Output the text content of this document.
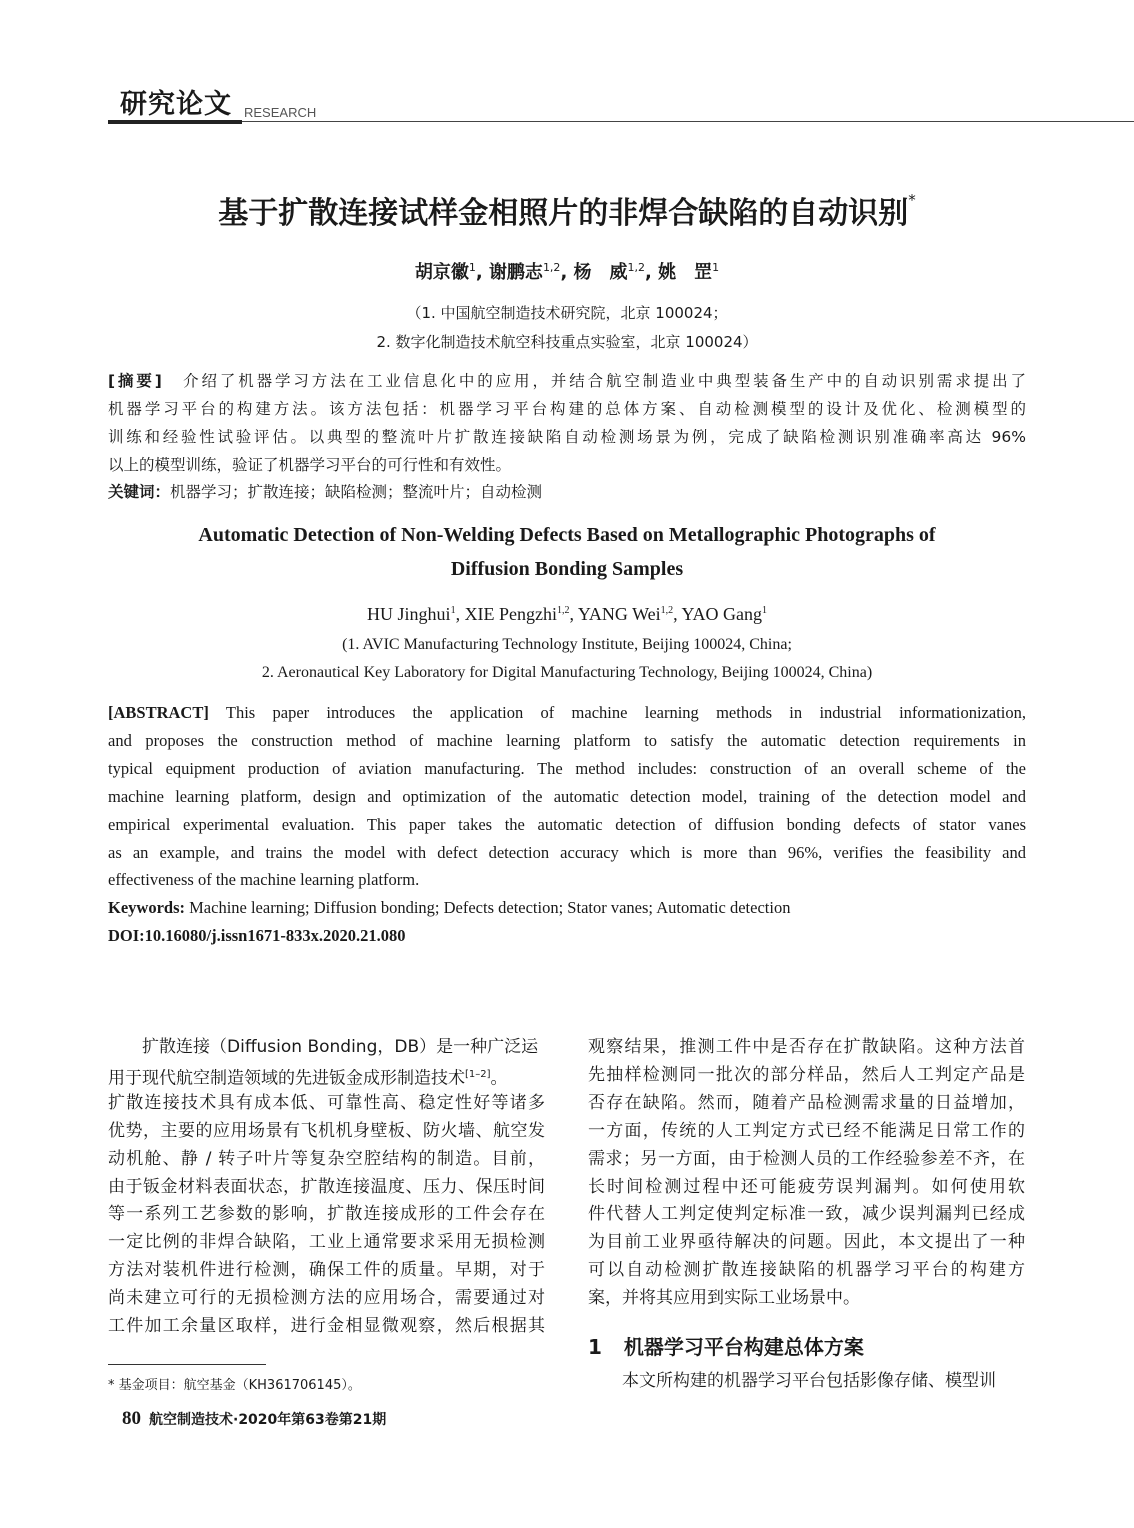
研究论文 RESEARCH
基于扩散连接试样金相照片的非焊合缺陷的自动识别*
胡京徽$^1$, 谢鹏志$^{1,2}$, 杨　威$^{1,2}$, 姚　罡$^1$
（1. 中国航空制造技术研究院，北京 100024；
2. 数字化制造技术航空科技重点实验室，北京 100024）
[摘要]　 介绍了机器学习方法在工业信息化中的应用，并结合航空制造业中典型装备生产中的自动识别需求提出了
机器学习平台的构建方法。该方法包括：机器学习平台构建的总体方案、自动检测模型的设计及优化、检测模型的
训练和经验性试验评估。以典型的整流叶片扩散连接缺陷自动检测场景为例，完成了缺陷检测识别准确率高达 96%
以上的模型训练，验证了机器学习平台的可行性和有效性。
关键词：机器学习；扩散连接；缺陷检测；整流叶片；自动检测
Automatic Detection of Non-Welding Defects Based on Metallographic Photographs of
Diffusion Bonding Samples
HU Jinghui$^1$, XIE Pengzhi$^{1,2}$, YANG Wei$^{1,2}$, YAO Gang$^1$
(1. AVIC Manufacturing Technology Institute, Beijing 100024, China;
2. Aeronautical Key Laboratory for Digital Manufacturing Technology, Beijing 100024, China)
[ABSTRACT] This paper introduces the application of machine learning methods in industrial informationization,
and proposes the construction method of machine learning platform to satisfy the automatic detection requirements in
typical equipment production of aviation manufacturing. The method includes: construction of an overall scheme of the
machine learning platform, design and optimization of the automatic detection model, training of the detection model and
empirical experimental evaluation. This paper takes the automatic detection of diffusion bonding defects of stator vanes
as an example, and trains the model with defect detection accuracy which is more than 96%, verifies the feasibility and
effectiveness of the machine learning platform.
Keywords: Machine learning; Diffusion bonding; Defects detection; Stator vanes; Automatic detection
DOI:10.16080/j.issn1671-833x.2020.21.080
扩散连接（Diffusion Bonding，DB）是一种广泛运
用于现代航空制造领域的先进钣金成形制造技术[1–2]。
扩散连接技术具有成本低、可靠性高、稳定性好等诸多
优势，主要的应用场景有飞机机身壁板、防火墙、航空发
动机舱、静 / 转子叶片等复杂空腔结构的制造。目前，
由于钣金材料表面状态，扩散连接温度、压力、保压时间
等一系列工艺参数的影响，扩散连接成形的工件会存在
一定比例的非焊合缺陷，工业上通常要求采用无损检测
方法对装机件进行检测，确保工件的质量。早期，对于
尚未建立可行的无损检测方法的应用场合，需要通过对
工件加工余量区取样，进行金相显微观察，然后根据其
观察结果，推测工件中是否存在扩散缺陷。这种方法首
先抽样检测同一批次的部分样品，然后人工判定产品是
否存在缺陷。然而，随着产品检测需求量的日益增加，
一方面，传统的人工判定方式已经不能满足日常工作的
需求；另一方面，由于检测人员的工作经验参差不齐，在
长时间检测过程中还可能疲劳误判漏判。如何使用软
件代替人工判定使判定标准一致，减少误判漏判已经成
为目前工业界亟待解决的问题。因此，本文提出了一种
可以自动检测扩散连接缺陷的机器学习平台的构建方
案，并将其应用到实际工业场景中。
1 机器学习平台构建总体方案
本文所构建的机器学习平台包括影像存储、模型训
* 基金项目：航空基金（KH361706145）。
80 航空制造技术·2020年第63卷第21期
